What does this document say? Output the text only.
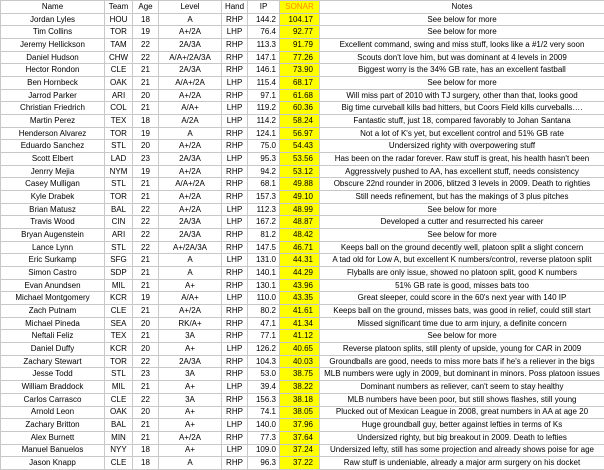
Name	Team	Age	Level	Hand	IP	SONAR	Notes
Jordan Lyles	HOU	18	A	RHP	144.2	104.17	See below for more
Tim Collins	TOR	19	A+/2A	LHP	76.4	92.77	See below for more
Jeremy Hellickson	TAM	22	2A/3A	RHP	113.3	91.79	Excellent command, swing and miss stuff, looks like a #1/2 very soon
Daniel Hudson	CHW	22	A/A+/2A/3A	RHP	147.1	77.26	Scouts don't love him, but was dominant at 4 levels in 2009
Hector Rondon	CLE	21	2A/3A	RHP	146.1	73.90	Biggest worry is the 34% GB rate, has an excellent fastball
Ben Hornbeck	OAK	21	A/A+/2A	LHP	115.4	68.17	See below for more
Jarrod Parker	ARI	20	A+/2A	RHP	97.1	61.68	Will miss part of 2010 with TJ surgery, other than that, looks good
Christian Friedrich	COL	21	A/A+	LHP	119.2	60.36	Big time curveball kills bad hitters, but Coors Field kills curveballs….
Martin Perez	TEX	18	A/2A	LHP	114.2	58.24	Fantastic stuff, just 18, compared favorably to Johan Santana
Henderson Alvarez	TOR	19	A	RHP	124.1	56.97	Not a lot of K's yet, but excellent control and 51% GB rate
Eduardo Sanchez	STL	20	A+/2A	RHP	75.0	54.43	Undersized righty with overpowering stuff
Scott Elbert	LAD	23	2A/3A	LHP	95.3	53.56	Has been on the radar forever. Raw stuff is great, his health hasn't been
Jenrry Mejia	NYM	19	A+/2A	RHP	94.2	53.12	Aggressively pushed to AA, has excellent stuff, needs consistency
Casey Mulligan	STL	21	A/A+/2A	RHP	68.1	49.88	Obscure 22nd rounder in 2006, blitzed 3 levels in 2009. Death to righties
Kyle Drabek	TOR	21	A+/2A	RHP	157.3	49.10	Still needs refinement, but has the makings of 3 plus pitches
Brian Matusz	BAL	22	A+/2A	LHP	112.3	48.99	See below for more
Travis Wood	CIN	22	2A/3A	LHP	167.2	48.87	Developed a cutter and resurrected his career
Bryan Augenstein	ARI	22	2A/3A	RHP	81.2	48.42	See below for more
Lance Lynn	STL	22	A+/2A/3A	RHP	147.5	46.71	Keeps ball on the ground decently well, platoon split a slight concern
Eric Surkamp	SFG	21	A	LHP	131.0	44.31	A tad old for Low A, but excellent K numbers/control, reverse platoon split
Simon Castro	SDP	21	A	RHP	140.1	44.29	Flyballs are only issue, showed no platoon split, good K numbers
Evan Anundsen	MIL	21	A+	RHP	130.1	43.96	51% GB rate is good, misses bats too
Michael Montgomery	KCR	19	A/A+	LHP	110.0	43.35	Great sleeper, could score in the 60's next year with 140 IP
Zach Putnam	CLE	21	A+/2A	RHP	80.2	41.61	Keeps ball on the ground, misses bats, was good in relief, could still start
Michael Pineda	SEA	20	RK/A+	RHP	47.1	41.34	Missed significant time due to arm injury, a definite concern
Neftali Feliz	TEX	21	3A	RHP	77.1	41.12	See below for more
Daniel Duffy	KCR	20	A+	LHP	126.2	40.65	Reverse platoon splits, still plenty of upside, young for CAR in 2009
Zachary Stewart	TOR	22	2A/3A	RHP	104.3	40.03	Groundballs are good, needs to miss more bats if he's a reliever in the bigs
Jesse Todd	STL	23	3A	RHP	53.0	38.75	MLB numbers were ugly in 2009, but dominant in minors. Poss platoon issues
William Braddock	MIL	21	A+	LHP	39.4	38.22	Dominant numbers as reliever, can't seem to stay healthy
Carlos Carrasco	CLE	22	3A	RHP	156.3	38.18	MLB numbers have been poor, but still shows flashes, still young
Arnold Leon	OAK	20	A+	RHP	74.1	38.05	Plucked out of Mexican League in 2008, great numbers in AA at age 20
Zachary Britton	BAL	21	A+	LHP	140.0	37.96	Huge groundball guy, better against lefties in terms of Ks
Alex Burnett	MIN	21	A+/2A	RHP	77.3	37.64	Undersized righty, but big breakout in 2009. Death to lefties
Manuel Banuelos	NYY	18	A+	LHP	109.0	37.24	Undersized lefty, still has some projection and already shows poise for age
Jason Knapp	CLE	18	A	RHP	96.3	37.22	Raw stuff is undeniable, already a major arm surgery on his docket
